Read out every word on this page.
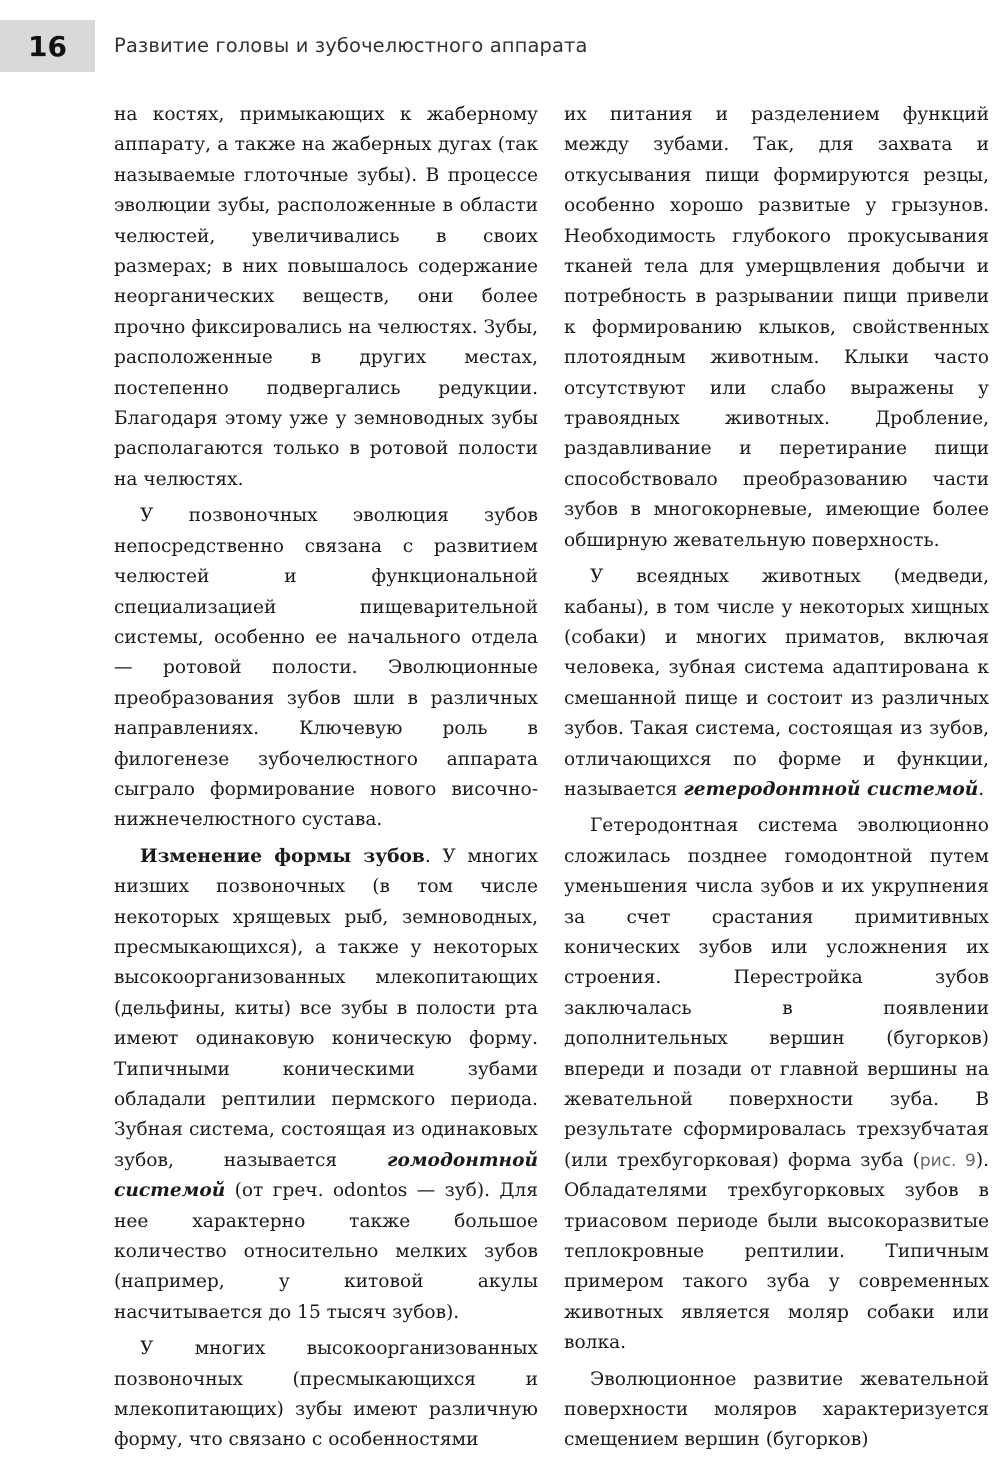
16 Развитие головы и зубочелюстного аппарата

на костях, примыкающих к жаберному аппарату, а также на жаберных дугах (так называемые глоточные зубы). В процессе эволюции зубы, расположенные в области челюстей, увеличивались в своих размерах; в них повышалось содержание неорганических веществ, они более прочно фиксировались на челюстях. Зубы, расположенные в других местах, постепенно подвергались редукции. Благодаря этому уже у земноводных зубы располагаются только в ротовой полости на челюстях.

У позвоночных эволюция зубов непосредственно связана с развитием челюстей и функциональной специализацией пищеварительной системы, особенно ее начального отдела — ротовой полости. Эволюционные преобразования зубов шли в различных направлениях. Ключевую роль в филогенезе зубочелюстного аппарата сыграло формирование нового височно-нижнечелюстного сустава.

Изменение формы зубов. У многих низших позвоночных (в том числе некоторых хрящевых рыб, земноводных, пресмыкающихся), а также у некоторых высокоорганизованных млекопитающих (дельфины, киты) все зубы в полости рта имеют одинаковую коническую форму. Типичными коническими зубами обладали рептилии пермского периода. Зубная система, состоящая из одинаковых зубов, называется гомодонтной системой (от греч. odontos — зуб). Для нее характерно также большое количество относительно мелких зубов (например, у китовой акулы насчитывается до 15 тысяч зубов).

У многих высокоорганизованных позвоночных (пресмыкающихся и млекопитающих) зубы имеют различную форму, что связано с особенностями

их питания и разделением функций между зубами. Так, для захвата и откусывания пищи формируются резцы, особенно хорошо развитые у грызунов. Необходимость глубокого прокусывания тканей тела для умерщвления добычи и потребность в разрывании пищи привели к формированию клыков, свойственных плотоядным животным. Клыки часто отсутствуют или слабо выражены у травоядных животных. Дробление, раздавливание и перетирание пищи способствовало преобразованию части зубов в многокорневые, имеющие более обширную жевательную поверхность.

У всеядных животных (медведи, кабаны), в том числе у некоторых хищных (собаки) и многих приматов, включая человека, зубная система адаптирована к смешанной пище и состоит из различных зубов. Такая система, состоящая из зубов, отличающихся по форме и функции, называется гетеродонтной системой.

Гетеродонтная система эволюционно сложилась позднее гомодонтной путем уменьшения числа зубов и их укрупнения за счет срастания примитивных конических зубов или усложнения их строения. Перестройка зубов заключалась в появлении дополнительных вершин (бугорков) впереди и позади от главной вершины на жевательной поверхности зуба. В результате сформировалась трехзубчатая (или трехбугорковая) форма зуба (рис. 9). Обладателями трехбугорковых зубов в триасовом периоде были высокоразвитые теплокровные рептилии. Типичным примером такого зуба у современных животных является моляр собаки или волка.

Эволюционное развитие жевательной поверхности моляров характеризуется смещением вершин (бугорков)
